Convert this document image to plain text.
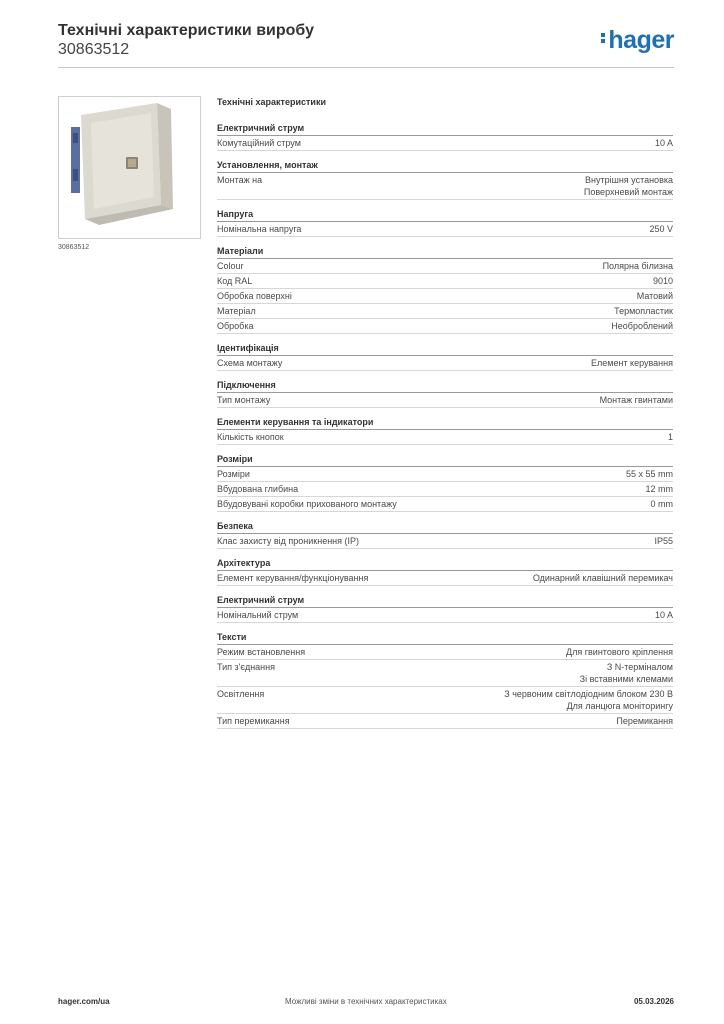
Технічні характеристики виробу
30863512	hager
30863512
Технічні характеристики
Електричний струм
Комутаційний струм	10 A
Установлення, монтаж
Монтаж на	Внутрішня установка
Поверхневий монтаж
Напруга
Номінальна напруга	250 V
Матеріали
Colour	Полярна білизна
Код RAL	9010
Обробка поверхні	Матовий
Матеріал	Термопластик
Обробка	Необроблений
Ідентифікація
Схема монтажу	Елемент керування
Підключення
Тип монтажу	Монтаж гвинтами
Елементи керування та індикатори
Кількість кнопок	1
Розміри
Розміри	55 x 55 mm
Вбудована глибина	12 mm
Вбудовувані коробки прихованого монтажу	0 mm
Безпека
Клас захисту від проникнення (IP)	IP55
Архітектура
Елемент керування/функціонування	Одинарний клавішний перемикач
Електричний струм
Номінальний струм	10 A
Тексти
Режим встановлення	Для гвинтового кріплення
Тип з'єднання	З N-терміналом
Зі вставними клемами
Освітлення	З червоним світлодіодним блоком 230 В
Для ланцюга моніторингу
Тип перемикання	Перемикання
hager.com/ua	Можливі зміни в технічних характеристиках	05.03.2026
